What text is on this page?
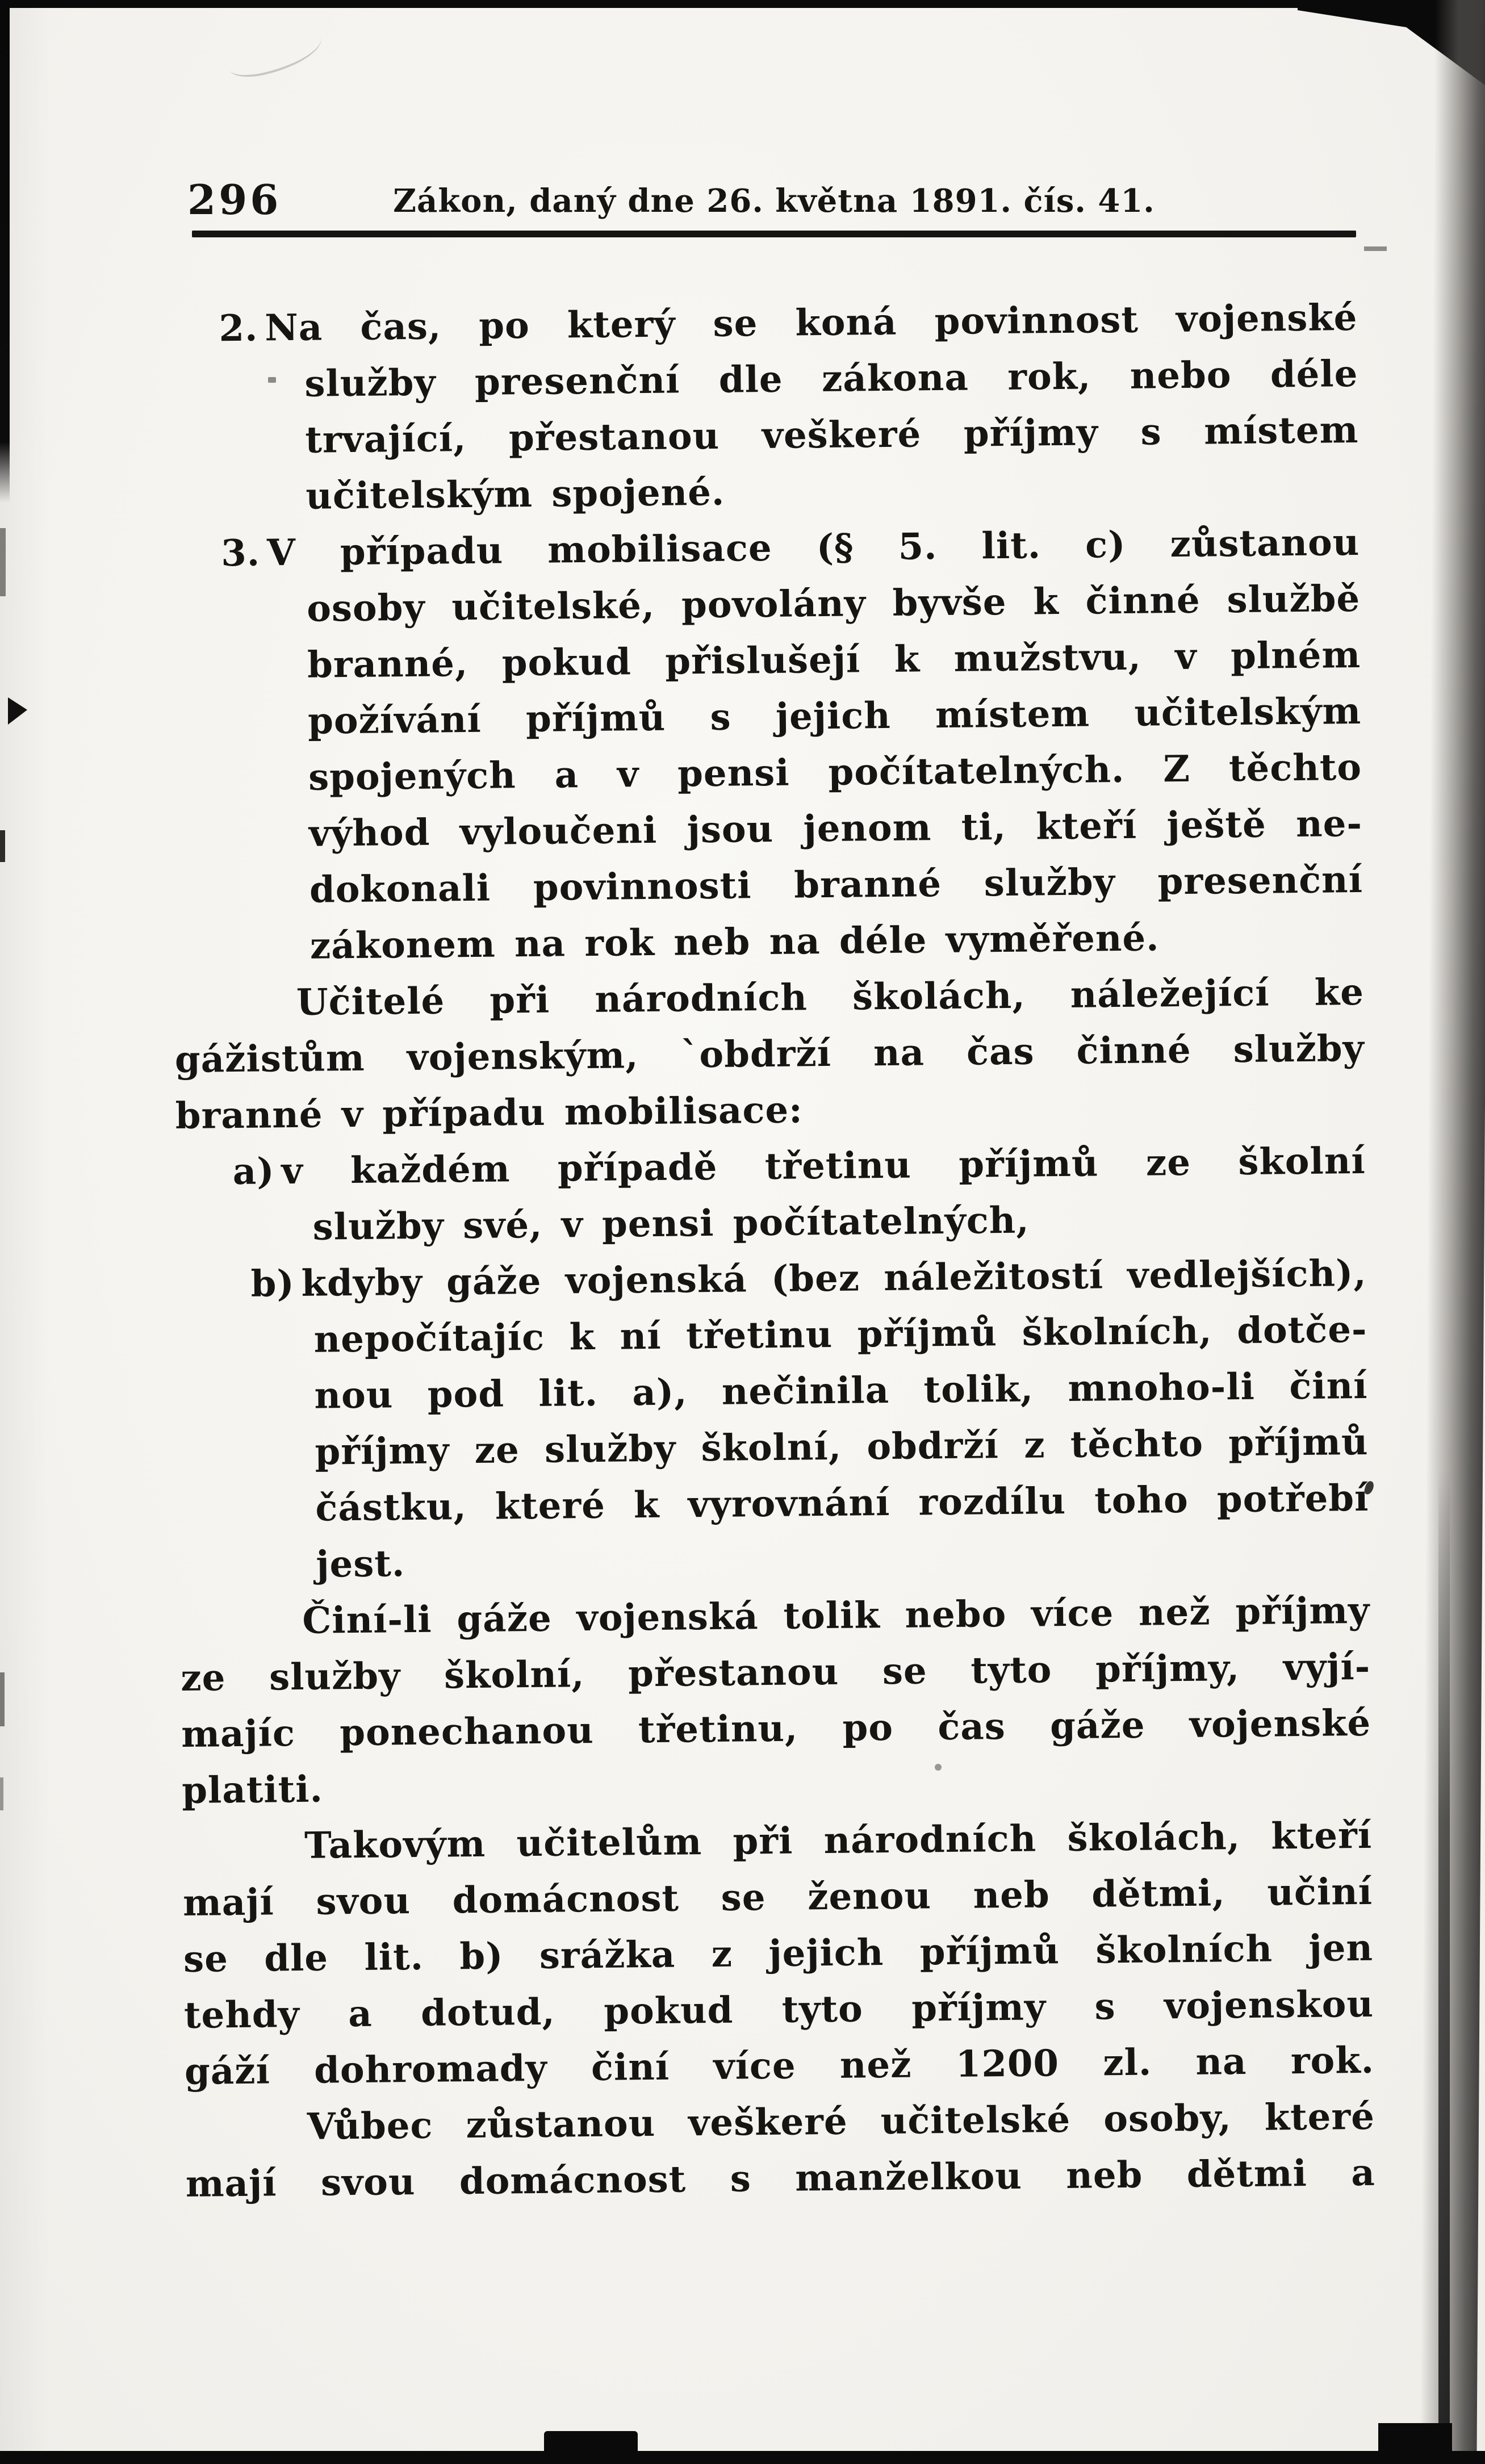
296	Zákon, daný dne 26. května 1891. čís. 41.
2. Na čas, po který se koná povinnost vojenské
služby presenční dle zákona rok, nebo déle
trvající, přestanou veškeré příjmy s místem
učitelským spojené.
3. V případu mobilisace (§ 5. lit. c) zůstanou
osoby učitelské, povolány byvše k činné službě
branné, pokud přislušejí k mužstvu, v plném
požívání příjmů s jejich místem učitelským
spojených a v pensi počítatelných. Z těchto
výhod vyloučeni jsou jenom ti, kteří ještě ne-
dokonali povinnosti branné služby presenční
zákonem na rok neb na déle vyměřené.
Učitelé při národních školách, náležející ke
gážistům vojenským, `obdrží na čas činné služby
branné v případu mobilisace:
a) v každém případě třetinu příjmů ze školní
služby své, v pensi počítatelných,
b) kdyby gáže vojenská (bez náležitostí vedlejších),
nepočítajíc k ní třetinu příjmů školních, dotče-
nou pod lit. a), nečinila tolik, mnoho-li činí
příjmy ze služby školní, obdrží z těchto příjmů
částku, které k vyrovnání rozdílu toho potřebí
jest.
Činí-li gáže vojenská tolik nebo více než příjmy
ze služby školní, přestanou se tyto příjmy, vyjí-
majíc ponechanou třetinu, po čas gáže vojenské
platiti.
Takovým učitelům při národních školách, kteří
mají svou domácnost se ženou neb dětmi, učiní
se dle lit. b) srážka z jejich příjmů školních jen
tehdy a dotud, pokud tyto příjmy s vojenskou
gáží dohromady činí více než 1200 zl. na rok.
Vůbec zůstanou veškeré učitelské osoby, které
mají svou domácnost s manželkou neb dětmi a
